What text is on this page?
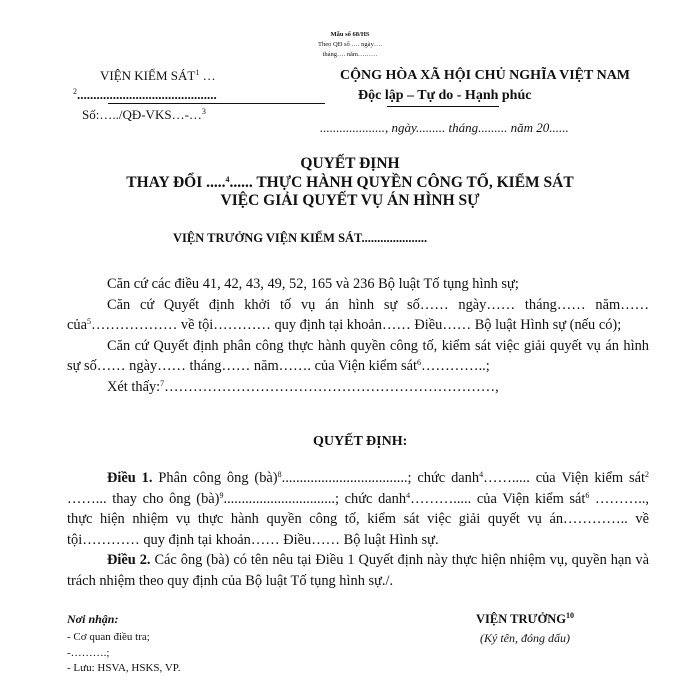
Mẫu số 68/HS
Theo QĐ số …. ngày….
tháng…. năm………
VIỆN KIỂM SÁT$^1$ …
$^2$...........................................
Số:…../QĐ-VKS…-…$^3$
CỘNG HÒA XÃ HỘI CHỦ NGHĨA VIỆT NAM
Độc lập – Tự do - Hạnh phúc
...................., ngày......... tháng......... năm 20......
QUYẾT ĐỊNH
THAY ĐỔI .....$^4$...... THỰC HÀNH QUYỀN CÔNG TỐ, KIỂM SÁT
VIỆC GIẢI QUYẾT VỤ ÁN HÌNH SỰ
VIỆN TRƯỞNG VIỆN KIỂM SÁT.....................

Căn cứ các điều 41, 42, 43, 49, 52, 165 và 236 Bộ luật Tố tụng hình sự;

Căn cứ Quyết định khởi tố vụ án hình sự số…… ngày…… tháng…… năm…… của$^5$……………… về tội………… quy định tại khoản…… Điều…… Bộ luật Hình sự (nếu có);

Căn cứ Quyết định phân công thực hành quyền công tố, kiểm sát việc giải quyết vụ án hình sự số…… ngày…… tháng…… năm……. của Viện kiểm sát$^6$…………..;

Xét thấy:$^7$……………………………………………………………,

QUYẾT ĐỊNH:

Điều 1. Phân công ông (bà)$^8$...................................; chức danh$^4$……..... của Viện kiểm sát$^2$ ……... thay cho ông (bà)$^9$...............................; chức danh$^4$………..... của Viện kiểm sát$^6$ ……….., thực hiện nhiệm vụ thực hành quyền công tố, kiểm sát việc giải quyết vụ án………….. về tội………… quy định tại khoản…… Điều…… Bộ luật Hình sự.

Điều 2. Các ông (bà) có tên nêu tại Điều 1 Quyết định này thực hiện nhiệm vụ, quyền hạn và trách nhiệm theo quy định của Bộ luật Tố tụng hình sự./.

Nơi nhận:
- Cơ quan điều tra;
-……….;
- Lưu: HSVA, HSKS, VP.
VIỆN TRƯỞNG$^{10}$
(Ký tên, đóng dấu)
